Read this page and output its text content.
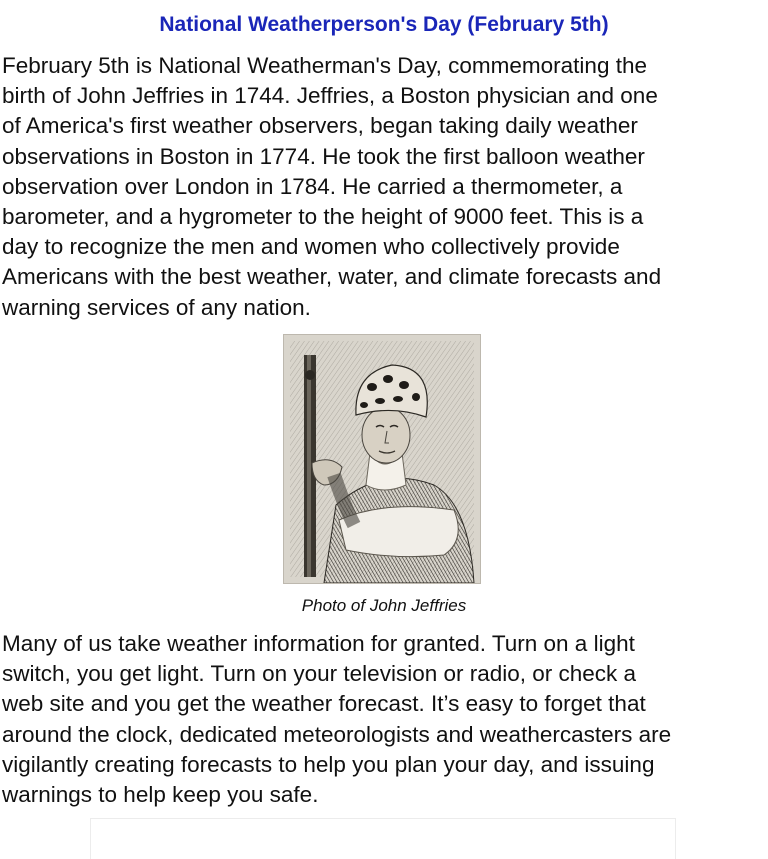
National Weatherperson's Day (February 5th)

February 5th is National Weatherman's Day, commemorating the
birth of John Jeffries in 1744. Jeffries, a Boston physician and one
of America's first weather observers, began taking daily weather
observations in Boston in 1774. He took the first balloon weather
observation over London in 1784. He carried a thermometer, a
barometer, and a hygrometer to the height of 9000 feet. This is a
day to recognize the men and women who collectively provide
Americans with the best weather, water, and climate forecasts and
warning services of any nation.

Photo of John Jeffries

Many of us take weather information for granted. Turn on a light
switch, you get light. Turn on your television or radio, or check a
web site and you get the weather forecast. It’s easy to forget that
around the clock, dedicated meteorologists and weathercasters are
vigilantly creating forecasts to help you plan your day, and issuing
warnings to help keep you safe.
